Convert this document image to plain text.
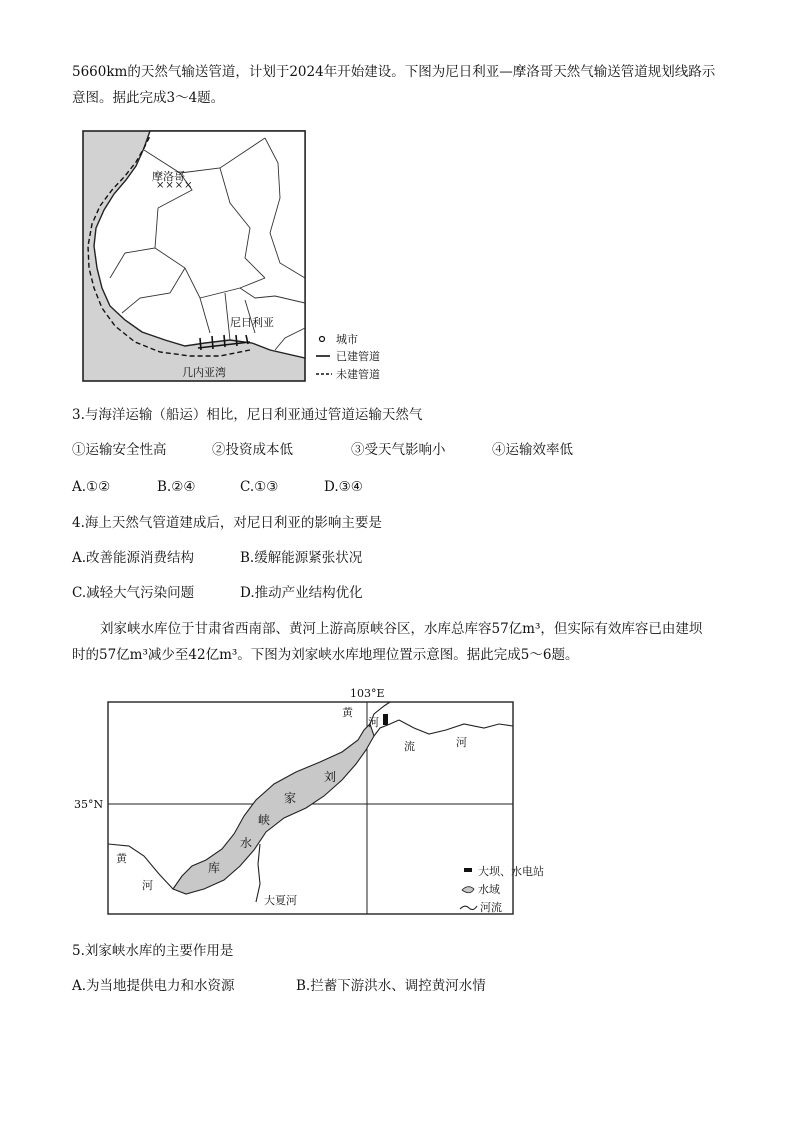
5660km的天然气输送管道，计划于2024年开始建设。下图为尼日利亚—摩洛哥天然气输送管道规划线路示
意图。据此完成3～4题。
××××
摩洛哥
尼日利亚
几内亚湾
城市
已建管道
未建管道
3.与海洋运输（船运）相比，尼日利亚通过管道运输天然气
①运输安全性高	②投资成本低	③受天气影响小	④运输效率低
A.①②	B.②④	C.①③	D.③④
4.海上天然气管道建成后，对尼日利亚的影响主要是
A.改善能源消费结构	B.缓解能源紧张状况
C.减轻大气污染问题	D.推动产业结构优化
刘家峡水库位于甘肃省西南部、黄河上游高原峡谷区，水库总库容57亿m³，但实际有效库容已由建坝
时的57亿m³减少至42亿m³。下图为刘家峡水库地理位置示意图。据此完成5～6题。
103°E
35°N
刘
家
峡
水
库
黄
河
黄
河
流	河
大夏河
大坝、水电站
水域
河流
5.刘家峡水库的主要作用是
A.为当地提供电力和水资源	B.拦蓄下游洪水、调控黄河水情
